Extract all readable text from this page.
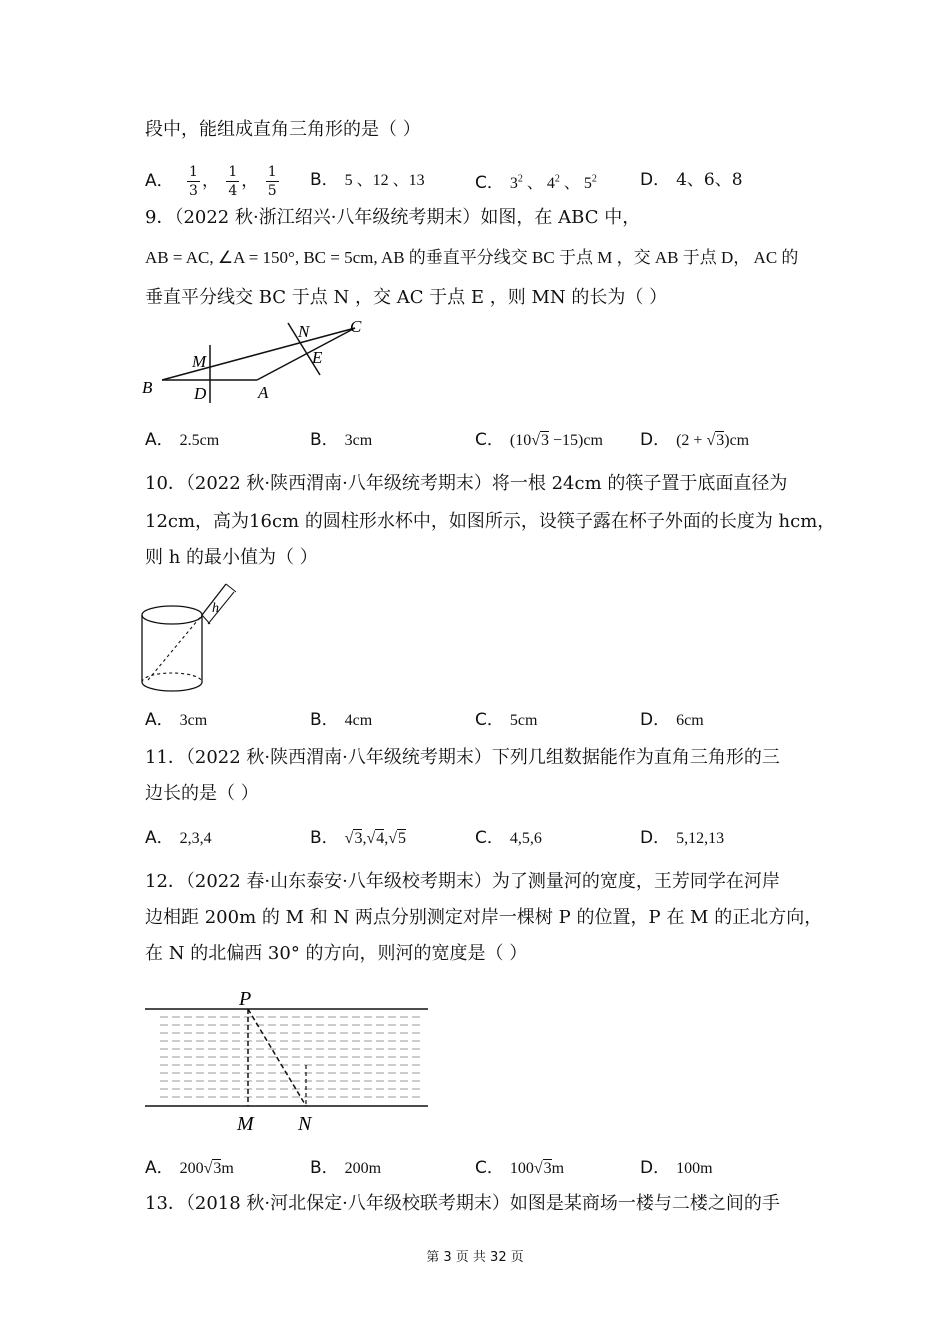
段中，能组成直角三角形的是（ ）
A． $\frac{1}{3}$ ， $\frac{1}{4}$ ， $\frac{1}{5}$ B． 5 、12 、13	C． $3^2$ 、 $4^2$ 、 $5^2$	D． 4、6、8
9．（2022 秋·浙江绍兴·八年级统考期末）如图，在 ABC 中，
AB = AC, ∠A = 150°, BC = 5cm, AB 的垂直平分线交 BC 于点 M ，交 AB 于点 D， AC 的
垂直平分线交 BC 于点 N ，交 AC 于点 E ，则 MN 的长为（ ）
B
M
D	A
N
E
C
A． 2.5cm	B． 3cm	C． (10√3 −15)cm D． (2 + √3)cm
10．（2022 秋·陕西渭南·八年级统考期末）将一根 24cm 的筷子置于底面直径为
12cm，高为16cm 的圆柱形水杯中，如图所示，设筷子露在杯子外面的长度为 hcm，
则 h 的最小值为（ ）
h
A． 3cm	B． 4cm	C． 5cm	D． 6cm
11．（2022 秋·陕西渭南·八年级统考期末）下列几组数据能作为直角三角形的三
边长的是（ ）
A． 2,3,4	B． √3,√4,√5	C． 4,5,6	D． 5,12,13
12．（2022 春·山东泰安·八年级校考期末）为了测量河的宽度，王芳同学在河岸
边相距 200m 的 M 和 N 两点分别测定对岸一棵树 P 的位置，P 在 M 的正北方向，
在 N 的北偏西 30° 的方向，则河的宽度是（ ）
P
M N
A． 200√3m	B． 200m	C． 100√3m	D． 100m
13．（2018 秋·河北保定·八年级校联考期末）如图是某商场一楼与二楼之间的手
第 3 页 共 32 页
